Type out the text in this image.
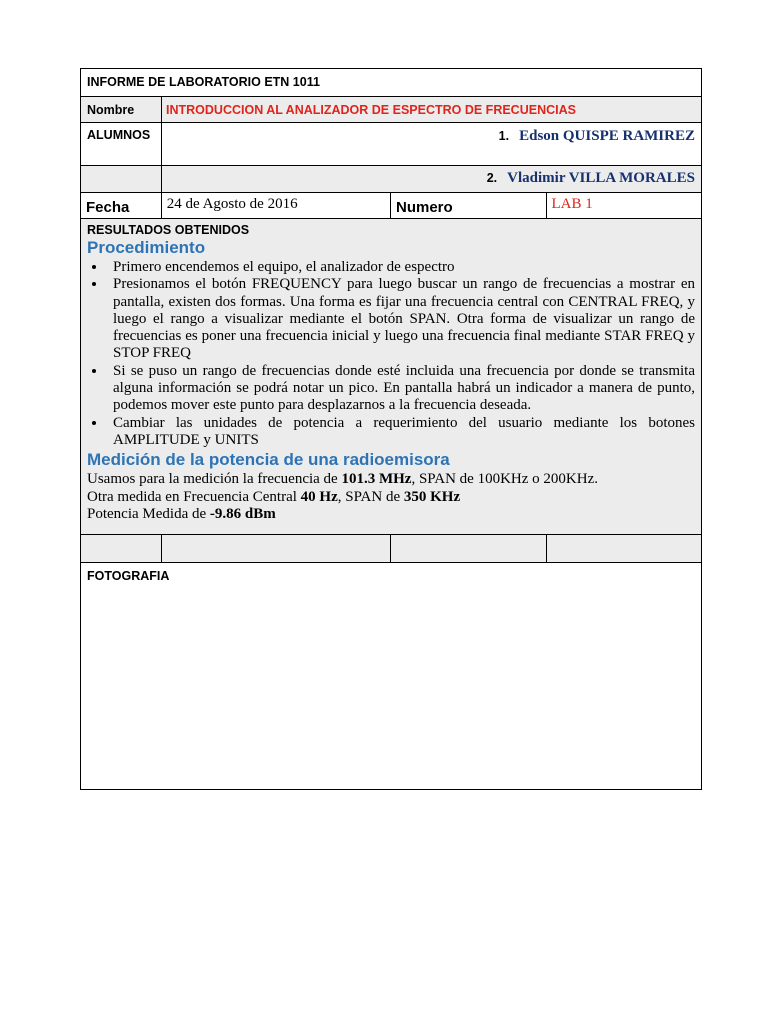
INFORME DE LABORATORIO ETN 1011
Nombre	INTRODUCCION AL ANALIZADOR DE ESPECTRO DE FRECUENCIAS
ALUMNOS	1. Edson QUISPE RAMIREZ
2. Vladimir VILLA MORALES
Fecha	24 de Agosto de 2016	Numero	LAB 1
RESULTADOS OBTENIDOS
Procedimiento
• Primero encendemos el equipo, el analizador de espectro
• Presionamos el botón FREQUENCY para luego buscar un rango de frecuencias a mostrar en pantalla, existen dos formas. Una forma es fijar una frecuencia central con CENTRAL FREQ, y luego el rango a visualizar mediante el botón SPAN. Otra forma de visualizar un rango de frecuencias es poner una frecuencia inicial y luego una frecuencia final mediante STAR FREQ y STOP FREQ
• Si se puso un rango de frecuencias donde esté incluida una frecuencia por donde se transmita alguna información se podrá notar un pico. En pantalla habrá un indicador a manera de punto, podemos mover este punto para desplazarnos a la frecuencia deseada.
• Cambiar las unidades de potencia a requerimiento del usuario mediante los botones AMPLITUDE y UNITS
Medición de la potencia de una radioemisora
Usamos para la medición la frecuencia de 101.3 MHz, SPAN de 100KHz o 200KHz.
Otra medida en Frecuencia Central 40 Hz, SPAN de 350 KHz
Potencia Medida de -9.86 dBm
FOTOGRAFIA
